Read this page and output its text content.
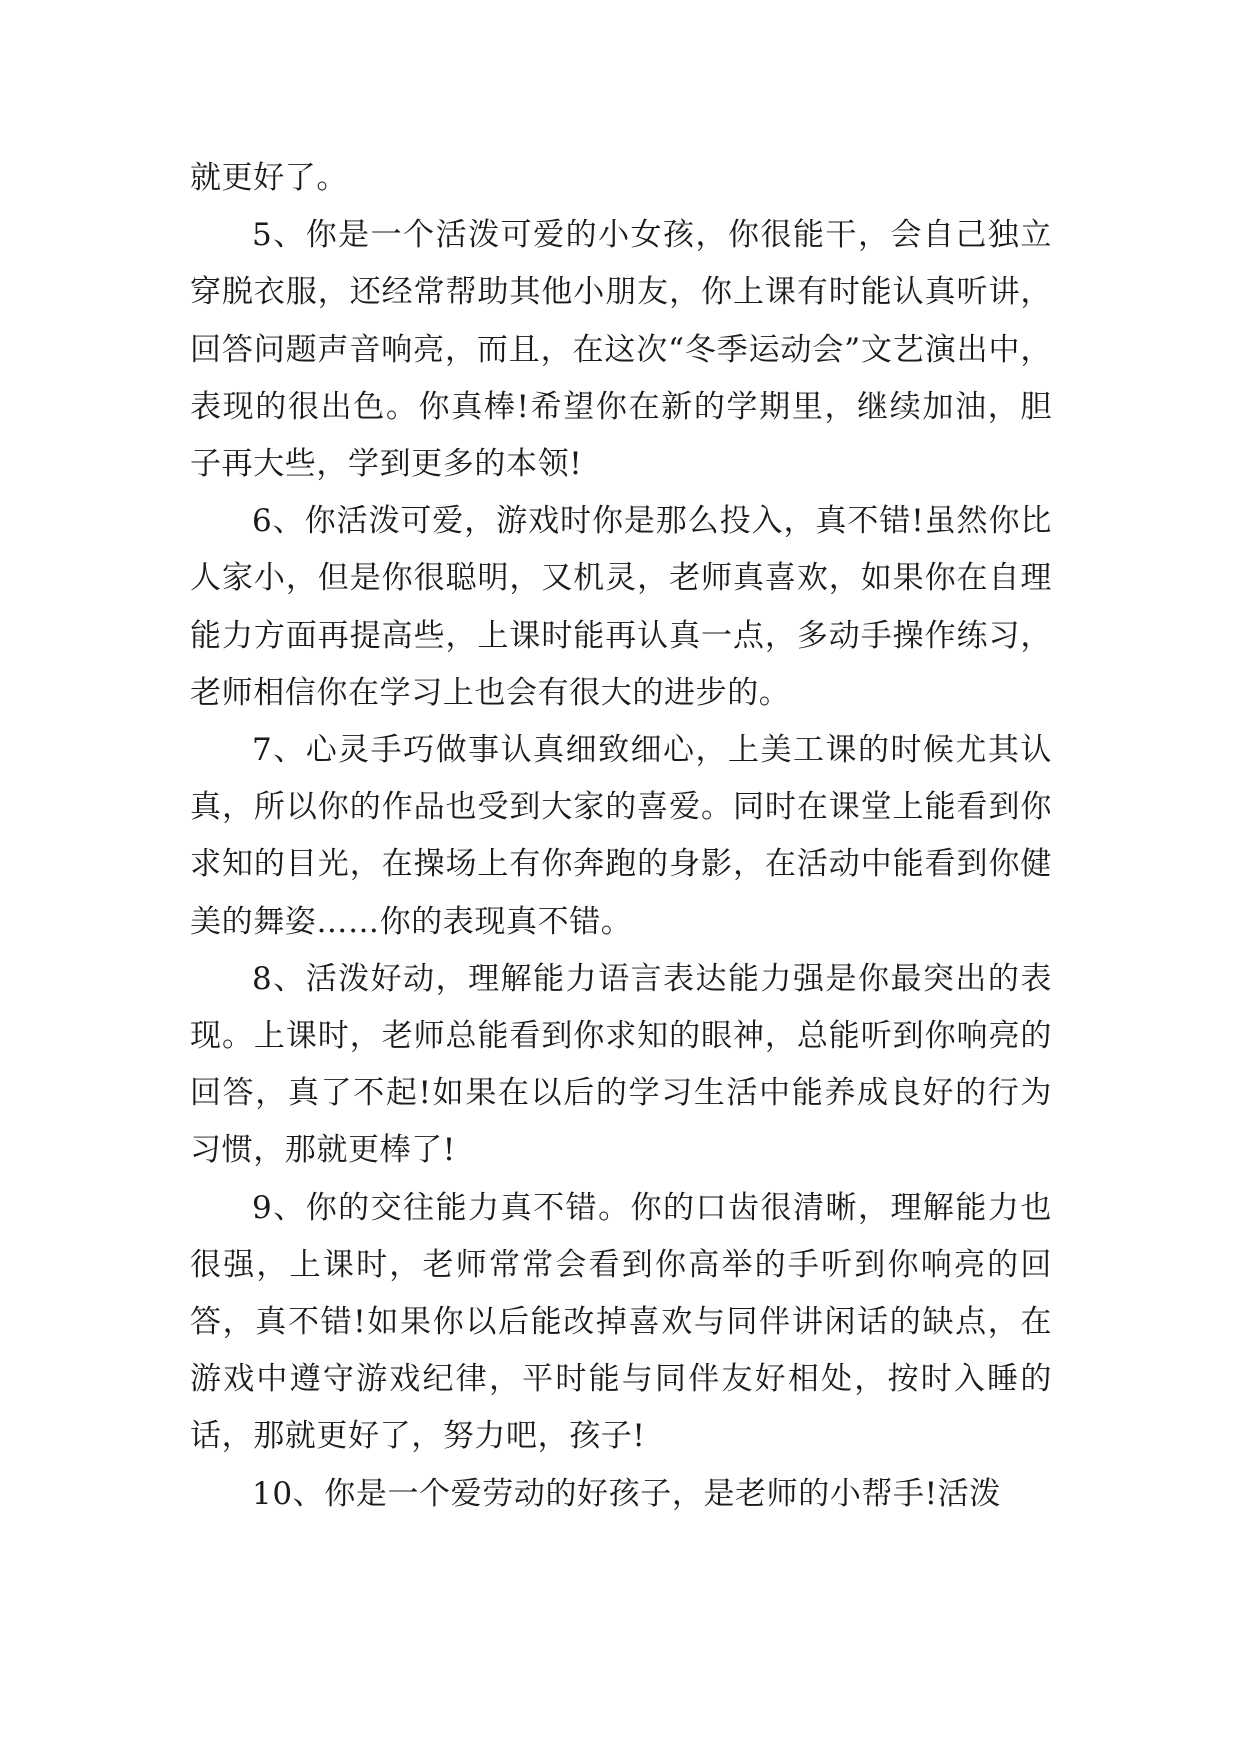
就更好了。

5、你是一个活泼可爱的小女孩，你很能干，会自己独立穿脱衣服，还经常帮助其他小朋友，你上课有时能认真听讲，回答问题声音响亮，而且，在这次“冬季运动会”文艺演出中，表现的很出色。你真棒!希望你在新的学期里，继续加油，胆子再大些，学到更多的本领!

6、你活泼可爱，游戏时你是那么投入，真不错!虽然你比人家小，但是你很聪明，又机灵，老师真喜欢，如果你在自理能力方面再提高些，上课时能再认真一点，多动手操作练习，老师相信你在学习上也会有很大的进步的。

7、心灵手巧做事认真细致细心，上美工课的时候尤其认真，所以你的作品也受到大家的喜爱。同时在课堂上能看到你求知的目光，在操场上有你奔跑的身影，在活动中能看到你健美的舞姿……你的表现真不错。

8、活泼好动，理解能力语言表达能力强是你最突出的表现。上课时，老师总能看到你求知的眼神，总能听到你响亮的回答，真了不起!如果在以后的学习生活中能养成良好的行为习惯，那就更棒了!

9、你的交往能力真不错。你的口齿很清晰，理解能力也很强，上课时，老师常常会看到你高举的手听到你响亮的回答，真不错!如果你以后能改掉喜欢与同伴讲闲话的缺点，在游戏中遵守游戏纪律，平时能与同伴友好相处，按时入睡的话，那就更好了，努力吧，孩子!

10、你是一个爱劳动的好孩子，是老师的小帮手!活泼
